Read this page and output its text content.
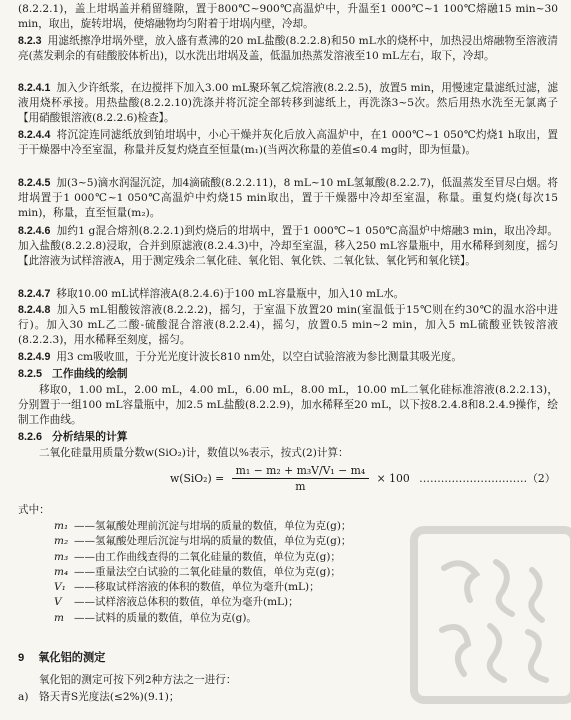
(8.2.2.1)，盖上坩埚盖并稍留缝隙，置于800℃~900℃高温炉中，升温至1 000℃~1 100℃熔融15 min~30 min，取出，旋转坩埚，使熔融物均匀附着于坩埚内壁，冷却。

8.2.3 用滤纸擦净坩埚外壁，放入盛有煮沸的20 mL盐酸(8.2.2.8)和50 mL水的烧杯中，加热浸出熔融物至溶液清亮(蒸发剩余的有硅酸胶体析出)，以水洗出坩埚及盖，低温加热蒸发溶液至10 mL左右，取下，冷却。

8.2.4.1 加入少许纸浆，在边搅拌下加入3.00 mL聚环氧乙烷溶液(8.2.2.5)，放置5 min，用慢速定量滤纸过滤，滤液用烧杯承接。用热盐酸(8.2.2.10)洗涤并将沉淀全部转移到滤纸上，再洗涤3~5次。然后用热水洗至无氯离子【用硝酸银溶液(8.2.2.6)检查】。

8.2.4.4 将沉淀连同滤纸放到铂坩埚中，小心干燥并灰化后放入高温炉中，在1 000℃~1 050℃灼烧1 h取出，置于干燥器中冷至室温，称量并反复灼烧直至恒量(m₁)(当两次称量的差值≤0.4 mg时，即为恒量)。

8.2.4.5 加(3~5)滴水润湿沉淀，加4滴硫酸(8.2.2.11)，8 mL~10 mL氢氟酸(8.2.2.7)，低温蒸发至冒尽白烟。将坩埚置于1 000℃~1 050℃高温炉中灼烧15 min取出，置于干燥器中冷却至室温，称量。重复灼烧(每次15 min)，称量，直至恒量(m₂)。

8.2.4.6 加约1 g混合熔剂(8.2.2.1)到灼烧后的坩埚中，置于1 000℃~1 050℃高温炉中熔融3 min，取出冷却。加入盐酸(8.2.2.8)浸取，合并到原滤液(8.2.4.3)中，冷却至室温，移入250 mL容量瓶中，用水稀释到刻度，摇匀【此溶液为试样溶液A，用于测定残余二氧化硅、氧化铝、氧化铁、二氧化钛、氧化钙和氧化镁】。

8.2.4.7 移取10.00 mL试样溶液A(8.2.4.6)于100 mL容量瓶中，加入10 mL水。

8.2.4.8 加入5 mL钼酸铵溶液(8.2.2.2)，摇匀，于室温下放置20 min(室温低于15℃则在约30℃的温水浴中进行)。加入30 mL乙二酸-硫酸混合溶液(8.2.2.4)，摇匀，放置0.5 min~2 min，加入5 mL硫酸亚铁铵溶液(8.2.2.3)，用水稀释至刻度，摇匀。

8.2.4.9 用3 cm吸收皿，于分光光度计波长810 nm处，以空白试验溶液为参比测量其吸光度。

8.2.5 工作曲线的绘制

移取0，1.00 mL，2.00 mL，4.00 mL，6.00 mL，8.00 mL，10.00 mL二氧化硅标准溶液(8.2.2.13)，分别置于一组100 mL容量瓶中，加2.5 mL盐酸(8.2.2.9)，加水稀释至20 mL，以下按8.2.4.8和8.2.4.9操作，绘制工作曲线。

8.2.6 分析结果的计算

二氧化硅量用质量分数w(SiO₂)计，数值以%表示，按式(2)计算：

$w(SiO_2) = \frac{\text{m₁ − m₂ + m₃V/V₁ − m₄}}{m} \times 100$ …………………………（2）

式中：

m₁ ——氢氟酸处理前沉淀与坩埚的质量的数值，单位为克(g)；
m₂ ——氢氟酸处理后沉淀与坩埚的质量的数值，单位为克(g)；
m₃ ——由工作曲线查得的二氧化硅量的数值，单位为克(g)；
m₄ ——重量法空白试验的二氧化硅量的数值，单位为克(g)；
V₁ ——移取试样溶液的体积的数值，单位为毫升(mL)；
V	——试样溶液总体积的数值，单位为毫升(mL)；
m ——试料的质量的数值，单位为克(g)。

9 氧化铝的测定

氧化铝的测定可按下列2种方法之一进行：

a)　铬天青S光度法(≤2%)(9.1)；
